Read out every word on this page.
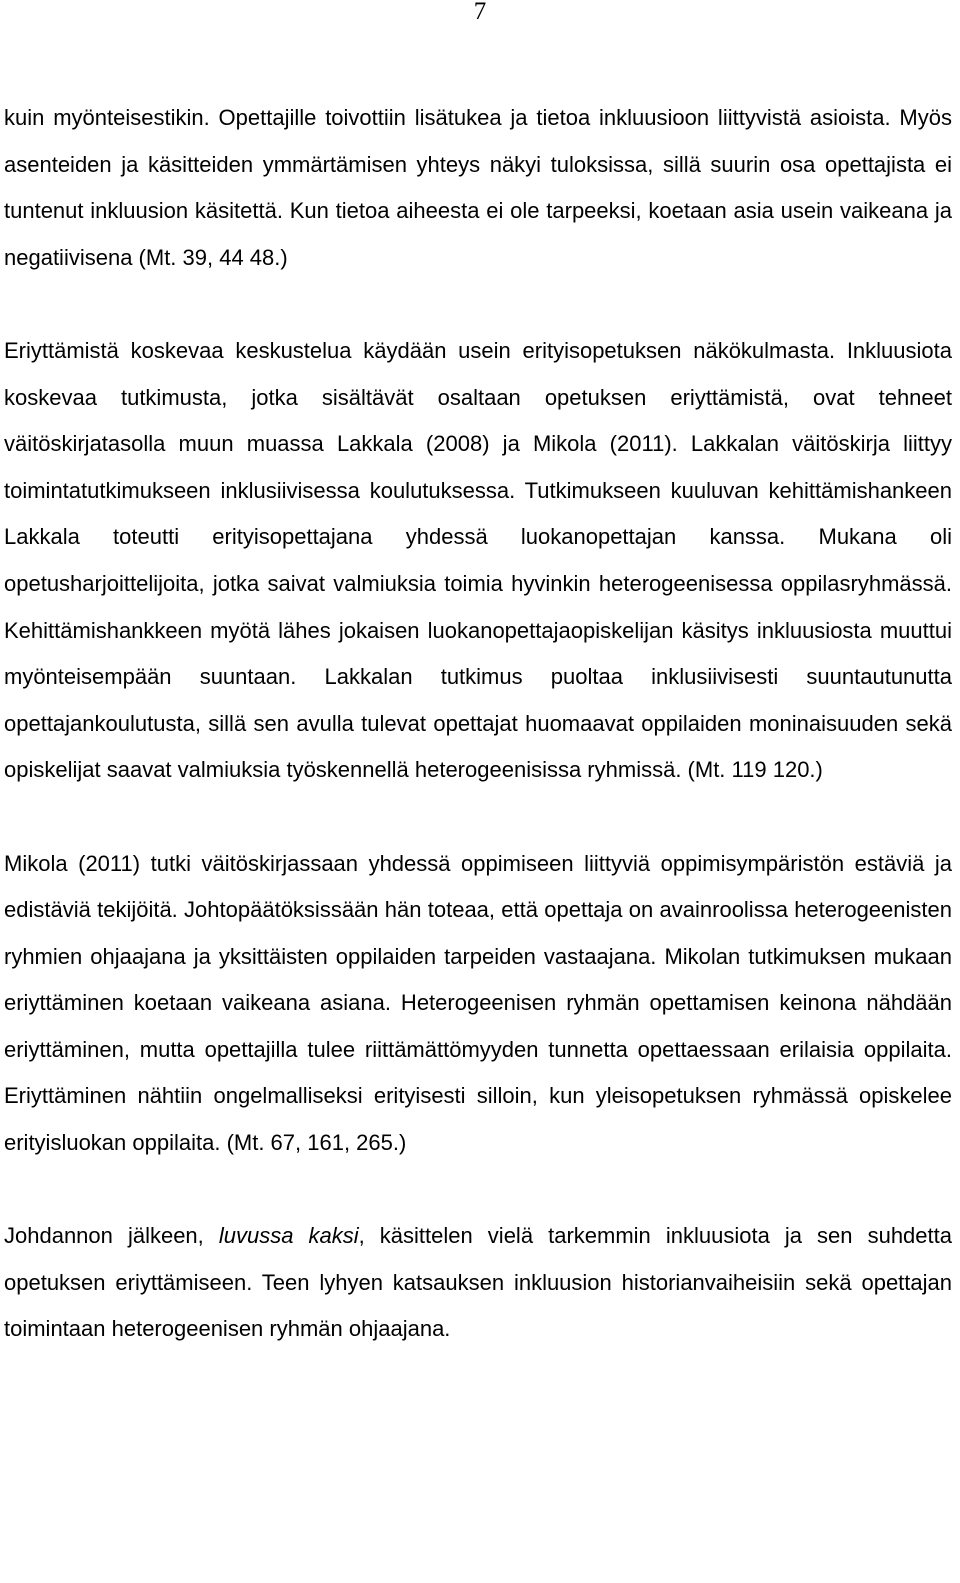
7

kuin myönteisestikin. Opettajille toivottiin lisätukea ja tietoa inkluusioon liittyvistä asioista. Myös asenteiden ja käsitteiden ymmärtämisen yhteys näkyi tuloksissa, sillä suurin osa opettajista ei tuntenut inkluusion käsitettä. Kun tietoa aiheesta ei ole tarpeeksi, koetaan asia usein vaikeana ja negatiivisena (Mt. 39, 44 48.)

Eriyttämistä koskevaa keskustelua käydään usein erityisopetuksen näkökulmasta. Inkluusiota koskevaa tutkimusta, jotka sisältävät osaltaan opetuksen eriyttämistä, ovat tehneet väitöskirjatasolla muun muassa Lakkala (2008) ja Mikola (2011). Lakkalan väitöskirja liittyy toimintatutkimukseen inklusiivisessa koulutuksessa. Tutkimukseen kuuluvan kehittämishankeen Lakkala toteutti erityisopettajana yhdessä luokanopettajan kanssa. Mukana oli opetusharjoittelijoita, jotka saivat valmiuksia toimia hyvinkin heterogeenisessa oppilasryhmässä. Kehittämishankkeen myötä lähes jokaisen luokanopettajaopiskelijan käsitys inkluusiosta muuttui myönteisempään suuntaan. Lakkalan tutkimus puoltaa inklusiivisesti suuntautunutta opettajankoulutusta, sillä sen avulla tulevat opettajat huomaavat oppilaiden moninaisuuden sekä opiskelijat saavat valmiuksia työskennellä heterogeenisissa ryhmissä. (Mt. 119 120.)

Mikola (2011) tutki väitöskirjassaan yhdessä oppimiseen liittyviä oppimisympäristön estäviä ja edistäviä tekijöitä. Johtopäätöksissään hän toteaa, että opettaja on avainroolissa heterogeenisten ryhmien ohjaajana ja yksittäisten oppilaiden tarpeiden vastaajana. Mikolan tutkimuksen mukaan eriyttäminen koetaan vaikeana asiana. Heterogeenisen ryhmän opettamisen keinona nähdään eriyttäminen, mutta opettajilla tulee riittämättömyyden tunnetta opettaessaan erilaisia oppilaita. Eriyttäminen nähtiin ongelmalliseksi erityisesti silloin, kun yleisopetuksen ryhmässä opiskelee erityisluokan oppilaita. (Mt. 67, 161, 265.)

Johdannon jälkeen, luvussa kaksi, käsittelen vielä tarkemmin inkluusiota ja sen suhdetta opetuksen eriyttämiseen. Teen lyhyen katsauksen inkluusion historianvaiheisiin sekä opettajan toimintaan heterogeenisen ryhmän ohjaajana.
